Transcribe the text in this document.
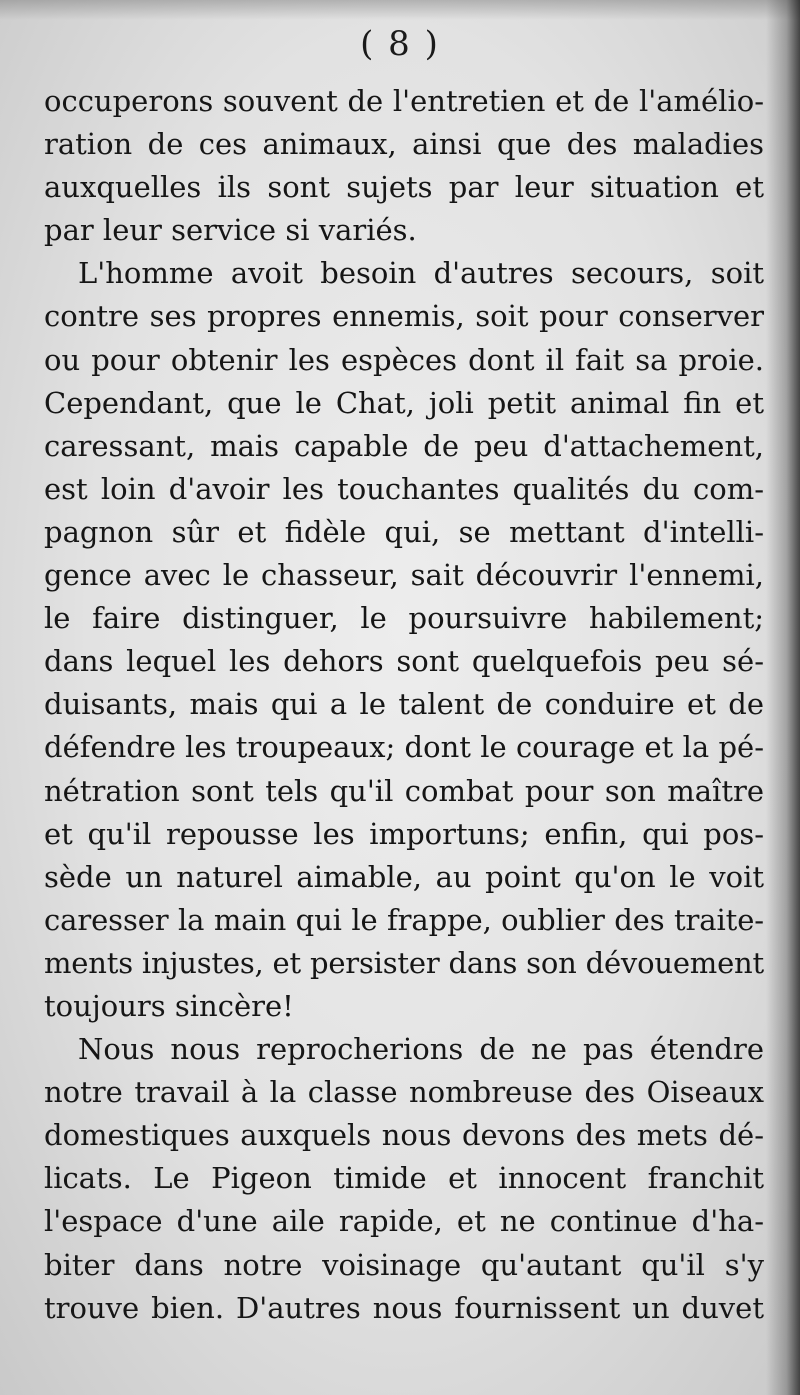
( 8 )
occuperons souvent de l'entretien et de l'amélio-
ration de ces animaux, ainsi que des maladies
auxquelles ils sont sujets par leur situation et
par leur service si variés.
L'homme avoit besoin d'autres secours, soit
contre ses propres ennemis, soit pour conserver
ou pour obtenir les espèces dont il fait sa proie.
Cependant, que le Chat, joli petit animal fin et
caressant, mais capable de peu d'attachement,
est loin d'avoir les touchantes qualités du com-
pagnon sûr et fidèle qui, se mettant d'intelli-
gence avec le chasseur, sait découvrir l'ennemi,
le faire distinguer, le poursuivre habilement;
dans lequel les dehors sont quelquefois peu sé-
duisants, mais qui a le talent de conduire et de
défendre les troupeaux; dont le courage et la pé-
nétration sont tels qu'il combat pour son maître
et qu'il repousse les importuns; enfin, qui pos-
sède un naturel aimable, au point qu'on le voit
caresser la main qui le frappe, oublier des traite-
ments injustes, et persister dans son dévouement
toujours sincère!
Nous nous reprocherions de ne pas étendre
notre travail à la classe nombreuse des Oiseaux
domestiques auxquels nous devons des mets dé-
licats. Le Pigeon timide et innocent franchit
l'espace d'une aile rapide, et ne continue d'ha-
biter dans notre voisinage qu'autant qu'il s'y
trouve bien. D'autres nous fournissent un duvet
